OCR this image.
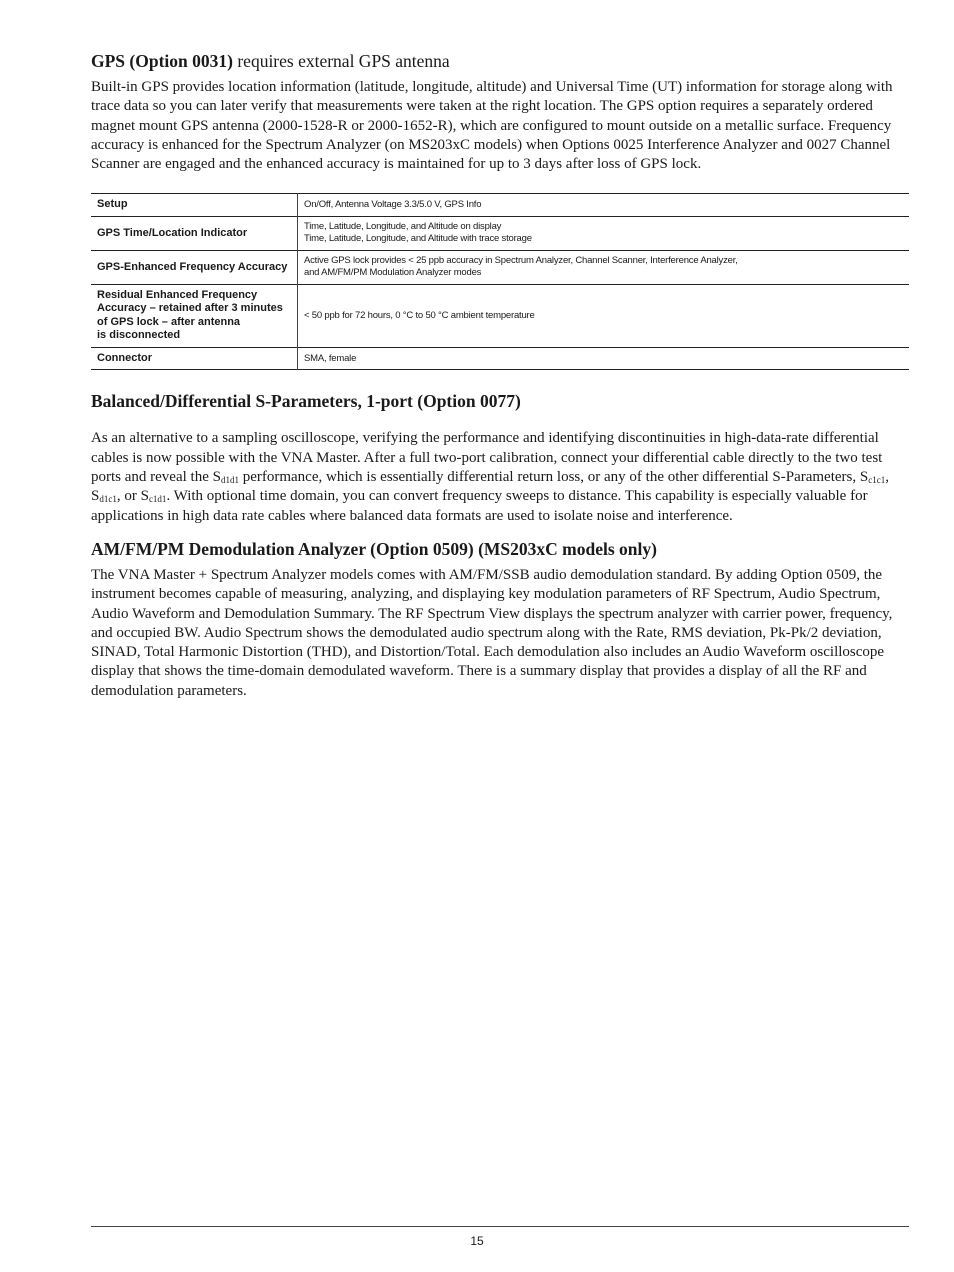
GPS (Option 0031) requires external GPS antenna

Built-in GPS provides location information (latitude, longitude, altitude) and Universal Time (UT) information for storage along with trace data so you can later verify that measurements were taken at the right location. The GPS option requires a separately ordered magnet mount GPS antenna (2000-1528-R or 2000-1652-R), which are configured to mount outside on a metallic surface. Frequency accuracy is enhanced for the Spectrum Analyzer (on MS203xC models) when Options 0025 Interference Analyzer and 0027 Channel Scanner are engaged and the enhanced accuracy is maintained for up to 3 days after loss of GPS lock.

Setup	On/Off, Antenna Voltage 3.3/5.0 V, GPS Info
GPS Time/Location Indicator	Time, Latitude, Longitude, and Altitude on display
Time, Latitude, Longitude, and Altitude with trace storage
GPS-Enhanced Frequency Accuracy	Active GPS lock provides < 25 ppb accuracy in Spectrum Analyzer, Channel Scanner, Interference Analyzer,
and AM/FM/PM Modulation Analyzer modes
Residual Enhanced Frequency
Accuracy – retained after 3 minutes
of GPS lock – after antenna
is disconnected	< 50 ppb for 72 hours, 0 °C to 50 °C ambient temperature
Connector	SMA, female
Balanced/Differential S-Parameters, 1-port (Option 0077)

As an alternative to a sampling oscilloscope, verifying the performance and identifying discontinuities in high-data-rate differential cables is now possible with the VNA Master. After a full two-port calibration, connect your differential cable directly to the two test ports and reveal the $S_{d1d1}$ performance, which is essentially differential return loss, or any of the other differential S-Parameters, $S_{c1c1}$, $S_{d1c1}$, or $S_{c1d1}$. With optional time domain, you can convert frequency sweeps to distance. This capability is especially valuable for applications in high data rate cables where balanced data formats are used to isolate noise and interference.

AM/FM/PM Demodulation Analyzer (Option 0509) (MS203xC models only)

The VNA Master + Spectrum Analyzer models comes with AM/FM/SSB audio demodulation standard. By adding Option 0509, the instrument becomes capable of measuring, analyzing, and displaying key modulation parameters of RF Spectrum, Audio Spectrum, Audio Waveform and Demodulation Summary. The RF Spectrum View displays the spectrum analyzer with carrier power, frequency, and occupied BW. Audio Spectrum shows the demodulated audio spectrum along with the Rate, RMS deviation, Pk-Pk/2 deviation, SINAD, Total Harmonic Distortion (THD), and Distortion/Total. Each demodulation also includes an Audio Waveform oscilloscope display that shows the time-domain demodulated waveform. There is a summary display that provides a display of all the RF and demodulation parameters.

15
